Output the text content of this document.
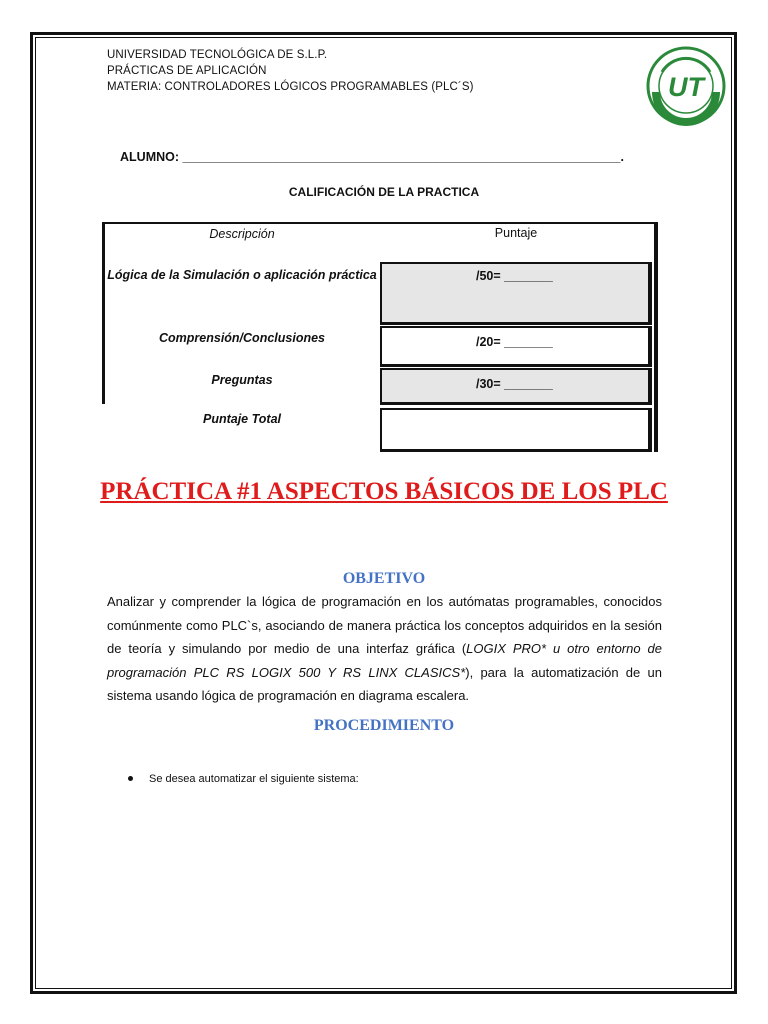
UNIVERSIDAD TECNOLÓGICA DE S.L.P.
PRÁCTICAS DE APLICACIÓN
MATERIA: CONTROLADORES LÓGICOS PROGRAMABLES (PLC´S)	UT
ALUMNO: _______________________________________________________________.
CALIFICACIÓN DE LA PRACTICA
Descripción	Puntaje
Lógica de la Simulación o aplicación práctica	/50= _______
Comprensión/Conclusiones	/20= _______
Preguntas	/30= _______
Puntaje Total
PRÁCTICA #1 ASPECTOS BÁSICOS DE LOS PLC
OBJETIVO
Analizar y comprender la lógica de programación en los autómatas programables, conocidos comúnmente como PLC`s, asociando de manera práctica los conceptos adquiridos en la sesión de teoría y simulando por medio de una interfaz gráfica (LOGIX PRO* u otro entorno de programación PLC RS LOGIX 500 Y RS LINX CLASICS*), para la automatización de un sistema usando lógica de programación en diagrama escalera.
PROCEDIMIENTO
Se desea automatizar el siguiente sistema:
